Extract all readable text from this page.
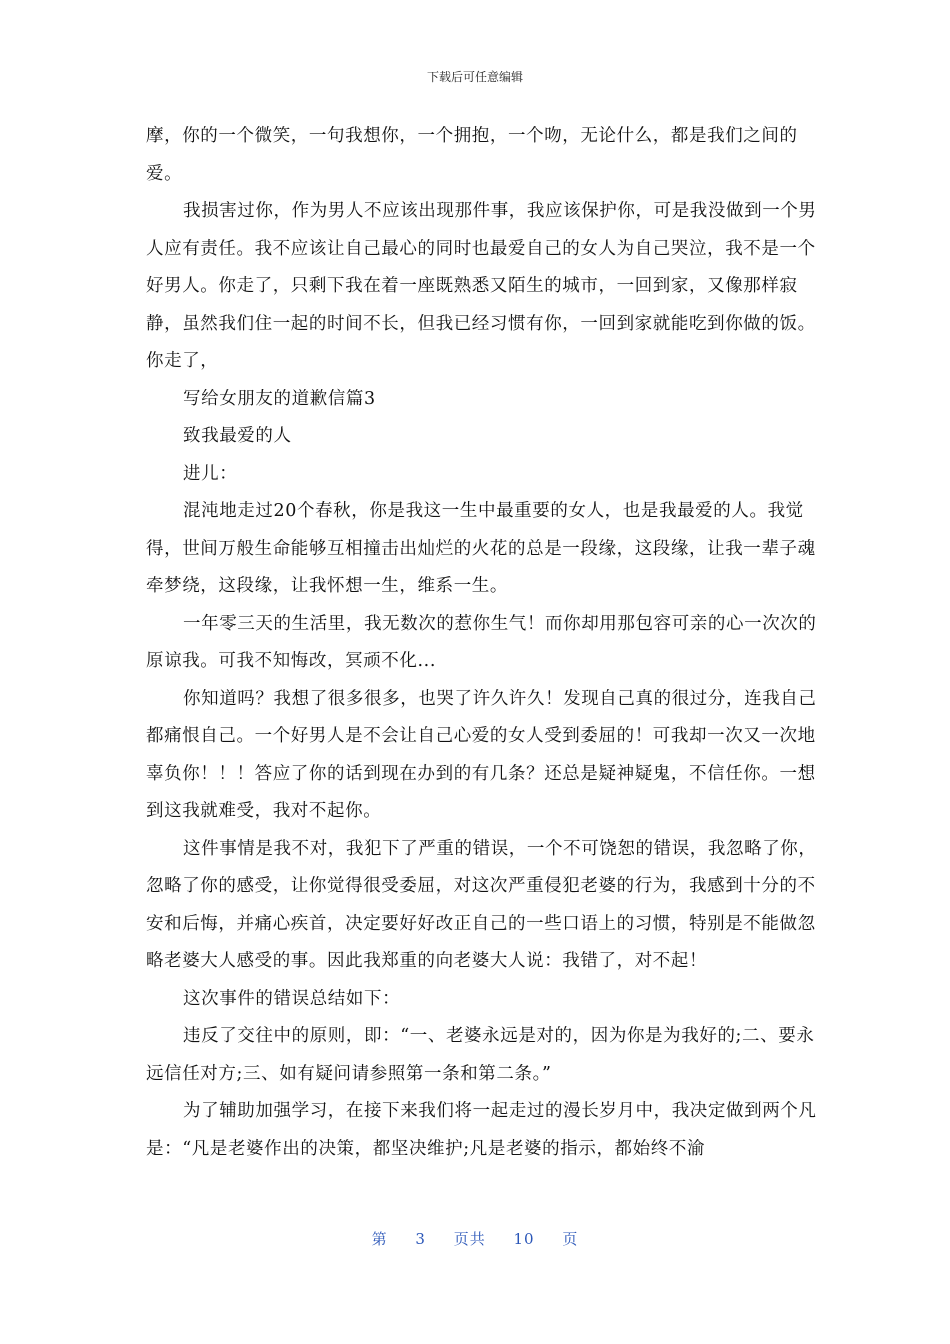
下载后可任意编辑

摩，你的一个微笑，一句我想你，一个拥抱，一个吻，无论什么，都是我们之间的爱。

我损害过你，作为男人不应该出现那件事，我应该保护你，可是我没做到一个男人应有责任。我不应该让自己最心的同时也最爱自己的女人为自己哭泣，我不是一个好男人。你走了，只剩下我在着一座既熟悉又陌生的城市，一回到家，又像那样寂静，虽然我们住一起的时间不长，但我已经习惯有你，一回到家就能吃到你做的饭。你走了，

写给女朋友的道歉信篇3

致我最爱的人

进儿：

混沌地走过20个春秋，你是我这一生中最重要的女人，也是我最爱的人。我觉得，世间万般生命能够互相撞击出灿烂的火花的总是一段缘，这段缘，让我一辈子魂牵梦绕，这段缘，让我怀想一生，维系一生。

一年零三天的生活里，我无数次的惹你生气！而你却用那包容可亲的心一次次的原谅我。可我不知悔改，冥顽不化...

你知道吗？我想了很多很多，也哭了许久许久！发现自己真的很过分，连我自己都痛恨自己。一个好男人是不会让自己心爱的女人受到委屈的！可我却一次又一次地辜负你！！！答应了你的话到现在办到的有几条？还总是疑神疑鬼，不信任你。一想到这我就难受，我对不起你。

这件事情是我不对，我犯下了严重的错误，一个不可饶恕的错误，我忽略了你，忽略了你的感受，让你觉得很受委屈，对这次严重侵犯老婆的行为，我感到十分的不安和后悔，并痛心疾首，决定要好好改正自己的一些口语上的习惯，特别是不能做忽略老婆大人感受的事。因此我郑重的向老婆大人说：我错了，对不起！

这次事件的错误总结如下：

违反了交往中的原则，即：“一、老婆永远是对的，因为你是为我好的;二、要永远信任对方;三、如有疑问请参照第一条和第二条。”

为了辅助加强学习，在接下来我们将一起走过的漫长岁月中，我决定做到两个凡是：“凡是老婆作出的决策，都坚决维护;凡是老婆的指示，都始终不渝

第 3 页共 10 页
